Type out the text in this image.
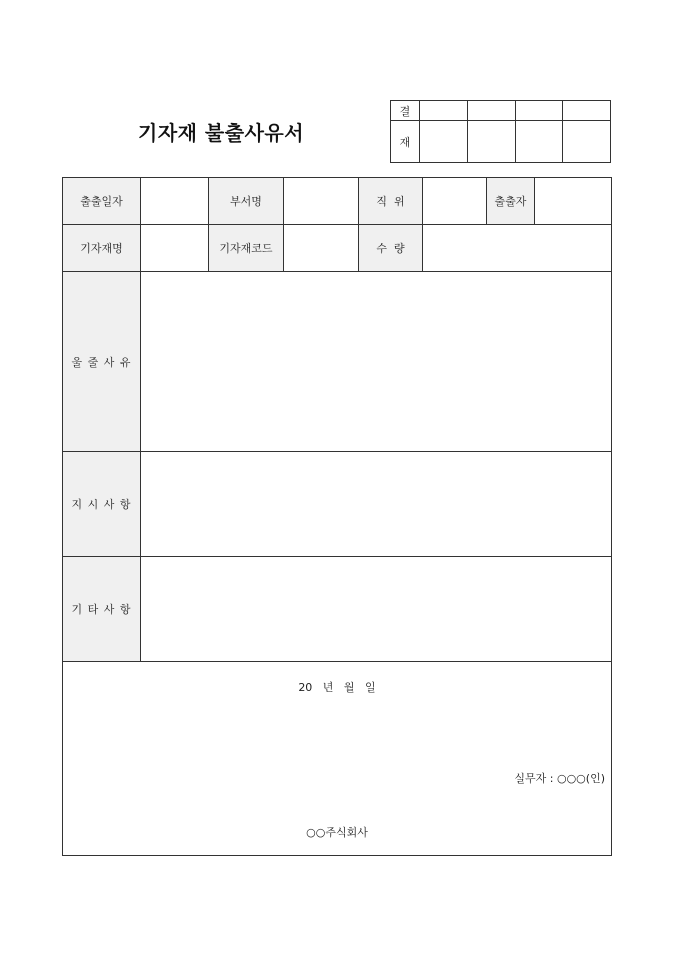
기자재 불출사유서
결				
재				
출출일자		부서명		직  위		출출자	
기자재명		기자재코드		수  량			
울 줄 사 유							
지 시 사 항							
기 타 사 항							

20   년   월   일
실무자 : ○○○(인)
○○주식회사							
